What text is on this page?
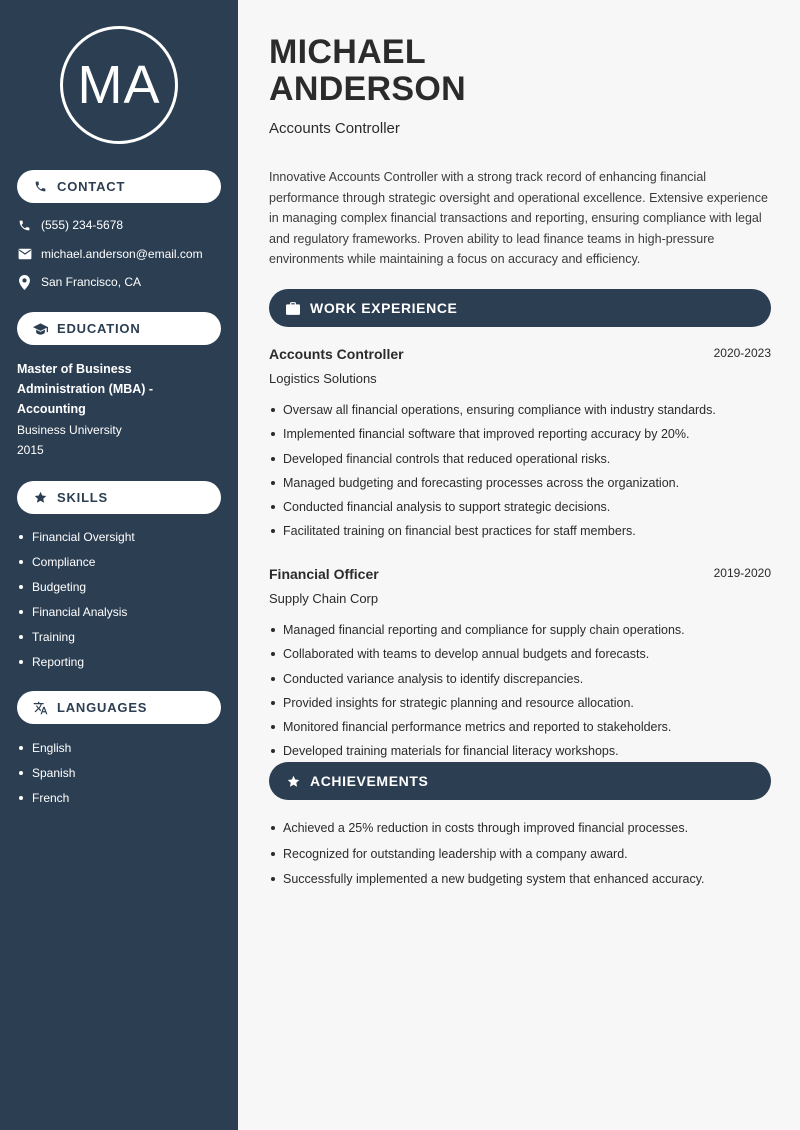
MA
CONTACT
(555) 234-5678
michael.anderson@email.com
San Francisco, CA
EDUCATION
Master of Business Administration (MBA) - Accounting
Business University
2015
SKILLS
Financial Oversight
Compliance
Budgeting
Financial Analysis
Training
Reporting
LANGUAGES
English
Spanish
French
MICHAEL
ANDERSON
Accounts Controller

Innovative Accounts Controller with a strong track record of enhancing financial performance through strategic oversight and operational excellence. Extensive experience in managing complex financial transactions and reporting, ensuring compliance with legal and regulatory frameworks. Proven ability to lead finance teams in high-pressure environments while maintaining a focus on accuracy and efficiency.

WORK EXPERIENCE
Accounts Controller	2020-2023
Logistics Solutions
Oversaw all financial operations, ensuring compliance with industry standards.
Implemented financial software that improved reporting accuracy by 20%.
Developed financial controls that reduced operational risks.
Managed budgeting and forecasting processes across the organization.
Conducted financial analysis to support strategic decisions.
Facilitated training on financial best practices for staff members.
Financial Officer	2019-2020
Supply Chain Corp
Managed financial reporting and compliance for supply chain operations.
Collaborated with teams to develop annual budgets and forecasts.
Conducted variance analysis to identify discrepancies.
Provided insights for strategic planning and resource allocation.
Monitored financial performance metrics and reported to stakeholders.
Developed training materials for financial literacy workshops.
ACHIEVEMENTS
Achieved a 25% reduction in costs through improved financial processes.
Recognized for outstanding leadership with a company award.
Successfully implemented a new budgeting system that enhanced accuracy.
